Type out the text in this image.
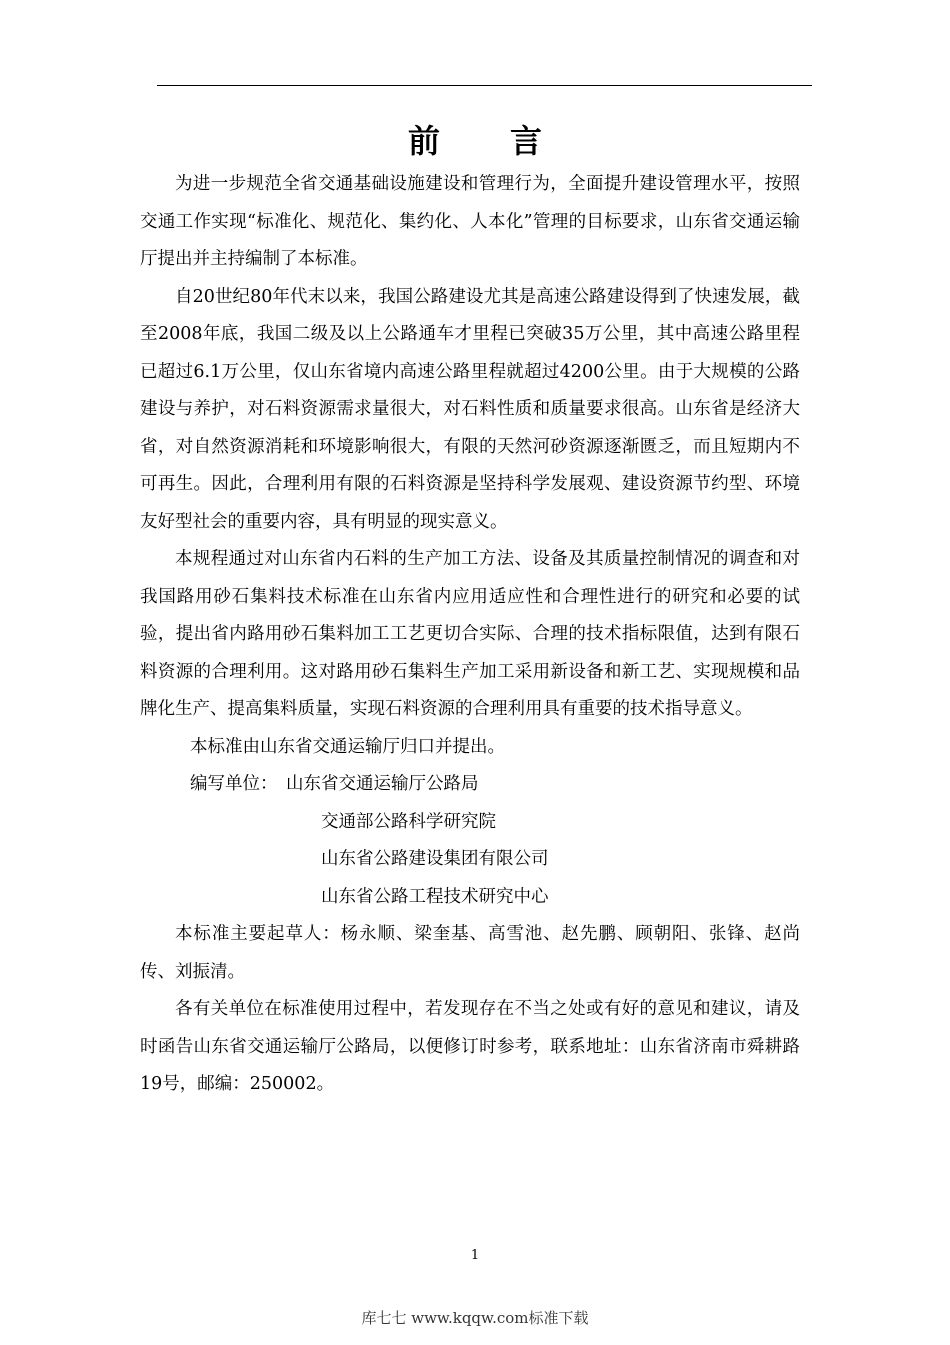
前言

为进一步规范全省交通基础设施建设和管理行为，全面提升建设管理水平，按照交通工作实现“标准化、规范化、集约化、人本化”管理的目标要求，山东省交通运输厅提出并主持编制了本标准。

自20世纪80年代末以来，我国公路建设尤其是高速公路建设得到了快速发展，截至2008年底，我国二级及以上公路通车才里程已突破35万公里，其中高速公路里程已超过6.1万公里，仅山东省境内高速公路里程就超过4200公里。由于大规模的公路建设与养护，对石料资源需求量很大，对石料性质和质量要求很高。山东省是经济大省，对自然资源消耗和环境影响很大，有限的天然河砂资源逐渐匮乏，而且短期内不可再生。因此，合理利用有限的石料资源是坚持科学发展观、建设资源节约型、环境友好型社会的重要内容，具有明显的现实意义。

本规程通过对山东省内石料的生产加工方法、设备及其质量控制情况的调查和对我国路用砂石集料技术标准在山东省内应用适应性和合理性进行的研究和必要的试验，提出省内路用砂石集料加工工艺更切合实际、合理的技术指标限值，达到有限石料资源的合理利用。这对路用砂石集料生产加工采用新设备和新工艺、实现规模和品牌化生产、提高集料质量，实现石料资源的合理利用具有重要的技术指导意义。

本标准由山东省交通运输厅归口并提出。

编写单位： 山东省交通运输厅公路局

交通部公路科学研究院

山东省公路建设集团有限公司

山东省公路工程技术研究中心

本标准主要起草人：杨永顺、梁奎基、高雪池、赵先鹏、顾朝阳、张锋、赵尚传、刘振清。

各有关单位在标准使用过程中，若发现存在不当之处或有好的意见和建议，请及时函告山东省交通运输厅公路局，以便修订时参考，联系地址：山东省济南市舜耕路19号，邮编：250002。

1
库七七 www.kqqw.com标准下载
